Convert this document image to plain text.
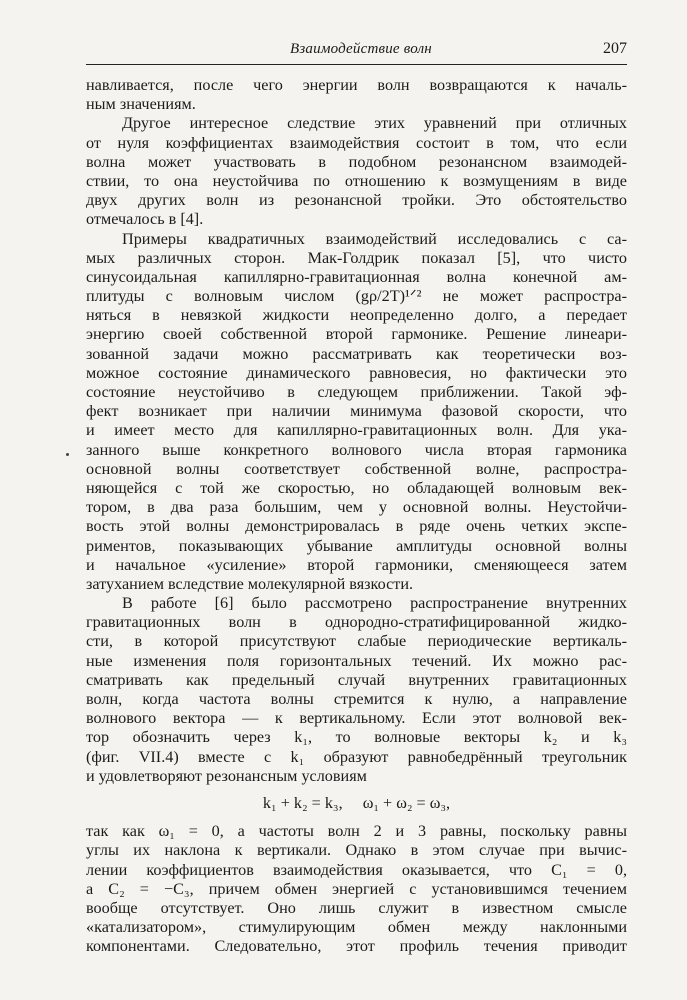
Взаимодействие волн	207
навливается, после чего энергии волн возвращаются к началь-
ным значениям.
Другое интересное следствие этих уравнений при отличных
от нуля коэффициентах взаимодействия состоит в том, что если
волна может участвовать в подобном резонансном взаимодей-
ствии, то она неустойчива по отношению к возмущениям в виде
двух других волн из резонансной тройки. Это обстоятельство
отмечалось в [4].
Примеры квадратичных взаимодействий исследовались с са-
мых различных сторон. Мак-Голдрик показал [5], что чисто
синусоидальная капиллярно-гравитационная волна конечной ам-
плитуды с волновым числом (gρ/2T)¹ᐟ² не может распростра-
няться в невязкой жидкости неопределенно долго, а передает
энергию своей собственной второй гармонике. Решение линеари-
зованной задачи можно рассматривать как теоретически воз-
можное состояние динамического равновесия, но фактически это
состояние неустойчиво в следующем приближении. Такой эф-
фект возникает при наличии минимума фазовой скорости, что
и имеет место для капиллярно-гравитационных волн. Для ука-
занного выше конкретного волнового числа вторая гармоника
основной волны соответствует собственной волне, распростра-
няющейся с той же скоростью, но обладающей волновым век-
тором, в два раза большим, чем у основной волны. Неустойчи-
вость этой волны демонстрировалась в ряде очень четких экспе-
риментов, показывающих убывание амплитуды основной волны
и начальное «усиление» второй гармоники, сменяющееся затем
затуханием вследствие молекулярной вязкости.
В работе [6] было рассмотрено распространение внутренних
гравитационных волн в однородно-стратифицированной жидко-
сти, в которой присутствуют слабые периодические вертикаль-
ные изменения поля горизонтальных течений. Их можно рас-
сматривать как предельный случай внутренних гравитационных
волн, когда частота волны стремится к нулю, а направление
волнового вектора — к вертикальному. Если этот волновой век-
тор обозначить через k₁, то волновые векторы k₂ и k₃
(фиг. VII.4) вместе с k₁ образуют равнобедрённый треугольник
и удовлетворяют резонансным условиям
k₁ + k₂ = k₃, ω₁ + ω₂ = ω₃,
так как ω₁ = 0, а частоты волн 2 и 3 равны, поскольку равны
углы их наклона к вертикали. Однако в этом случае при вычис-
лении коэффициентов взаимодействия оказывается, что C₁ = 0,
а C₂ = −C₃, причем обмен энергией с установившимся течением
вообще отсутствует. Оно лишь служит в известном смысле
«катализатором», стимулирующим обмен между наклонными
компонентами. Следовательно, этот профиль течения приводит
